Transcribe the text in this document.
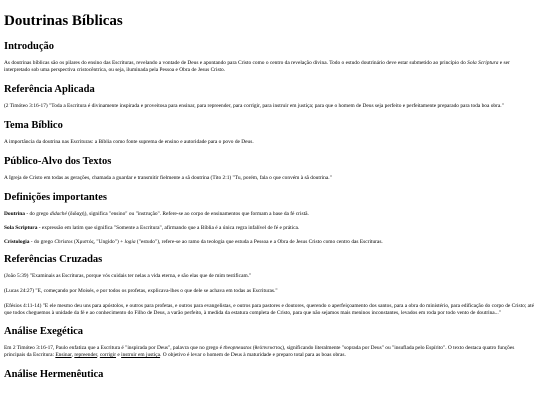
Doutrinas Bíblicas
Introdução

As doutrinas bíblicas são os pilares do ensino das Escrituras, revelando a vontade de Deus e apontando para Cristo como o centro da revelação divina. Todo o estudo doutrinário deve estar submetido ao princípio do Sola Scriptura e ser interpretado sob uma perspectiva cristocêntrica, ou seja, iluminada pela Pessoa e Obra de Jesus Cristo.

Referência Aplicada

(2 Timóteo 3:16-17) "Toda a Escritura é divinamente inspirada e proveitosa para ensinar, para repreender, para corrigir, para instruir em justiça; para que o homem de Deus seja perfeito e perfeitamente preparado para toda boa obra."

Tema Bíblico

A importância da doutrina nas Escrituras: a Bíblia como fonte suprema de ensino e autoridade para o povo de Deus.

Público-Alvo dos Textos

A Igreja de Cristo em todas as gerações, chamada a guardar e transmitir fielmente a sã doutrina (Tito 2:1) "Tu, porém, fala o que convém à sã doutrina."

Definições importantes

Doutrina - do grego didaché (διδαχή), significa "ensino" ou "instrução". Refere-se ao corpo de ensinamentos que formam a base da fé cristã.

Sola Scriptura - expressão em latim que significa "Somente a Escritura", afirmando que a Bíblia é a única regra infalível de fé e prática.

Cristologia - do grego Christos (Χριστός, "Ungido") + logia ("estudo"), refere-se ao ramo da teologia que estuda a Pessoa e a Obra de Jesus Cristo como centro das Escrituras.

Referências Cruzadas

(João 5:39) "Examinais as Escrituras, porque vós cuidais ter nelas a vida eterna, e são elas que de mim testificam."

(Lucas 24:27) "E, começando por Moisés, e por todos os profetas, explicava-lhes o que dele se achava em todas as Escrituras."

(Efésios 4:11-14) "E ele mesmo deu uns para apóstolos, e outros para profetas, e outros para evangelistas, e outros para pastores e doutores, querendo o aperfeiçoamento dos santos, para a obra do ministério, para edificação do corpo de Cristo; até que todos cheguemos à unidade da fé e ao conhecimento do Filho de Deus, a varão perfeito, à medida da estatura completa de Cristo, para que não sejamos mais meninos inconstantes, levados em roda por todo vento de doutrina..."

Análise Exegética

Em 2 Timóteo 3:16-17, Paulo enfatiza que a Escritura é "inspirada por Deus", palavra que no grego é theopneustos (θεόπνευστος), significando literalmente "soprada por Deus" ou "insuflada pelo Espírito". O texto destaca quatro funções principais da Escritura: Ensinar, repreender, corrigir e instruir em justiça. O objetivo é levar o homem de Deus à maturidade e preparo total para as boas obras.

Análise Hermenêutica
